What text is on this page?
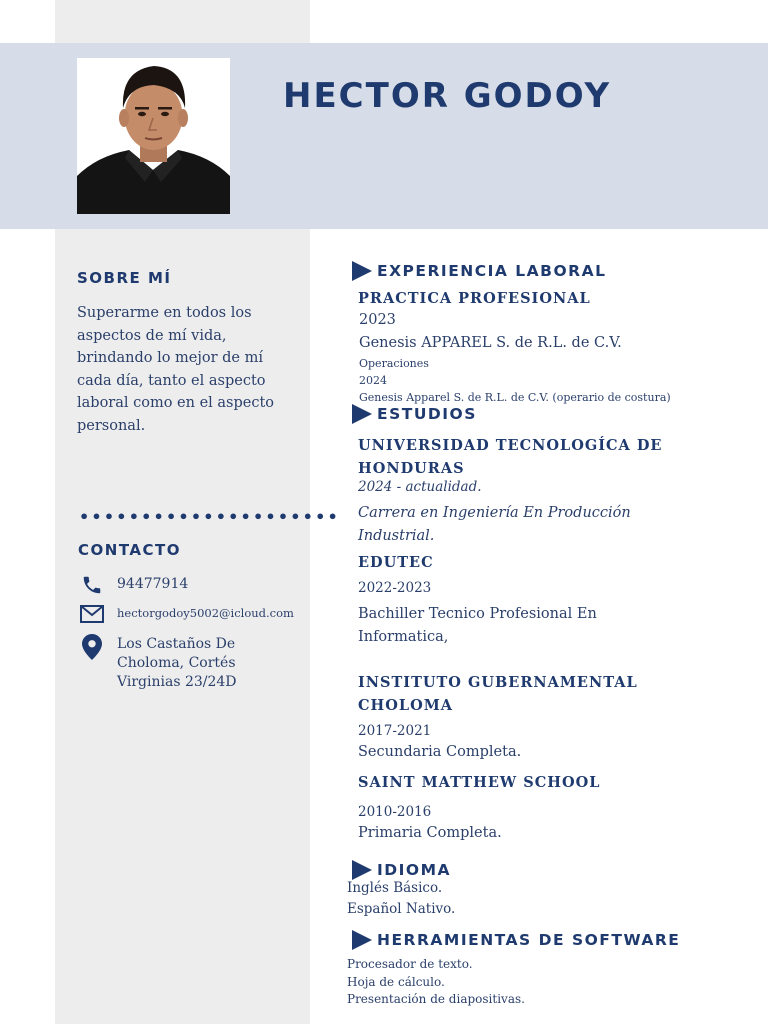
HECTOR GODOY
SOBRE MÍ
Superarme en todos los aspectos de mí vida, brindando lo mejor de mí cada día, tanto el aspecto laboral como en el aspecto personal.
•••••••••••••••••••••
CONTACTO
94477914
hectorgodoy5002@icloud.com
Los Castaños De
Choloma, Cortés
Virginias 23/24D
EXPERIENCIA LABORAL
PRACTICA PROFESIONAL
2023
Genesis APPAREL S. de R.L. de C.V.
Operaciones
2024
Genesis Apparel S. de R.L. de C.V. (operario de costura)
ESTUDIOS
UNIVERSIDAD TECNOLOGÍCA DE
HONDURAS
2024 - actualidad.
Carrera en Ingeniería En Producción
Industrial.
EDUTEC
2022-2023
Bachiller Tecnico Profesional En
Informatica,
INSTITUTO GUBERNAMENTAL
CHOLOMA
2017-2021
Secundaria Completa.
SAINT MATTHEW SCHOOL
2010-2016
Primaria Completa.
IDIOMA
Inglés Básico.
Español Nativo.
HERRAMIENTAS DE SOFTWARE
Procesador de texto.
Hoja de cálculo.
Presentación de diapositivas.
